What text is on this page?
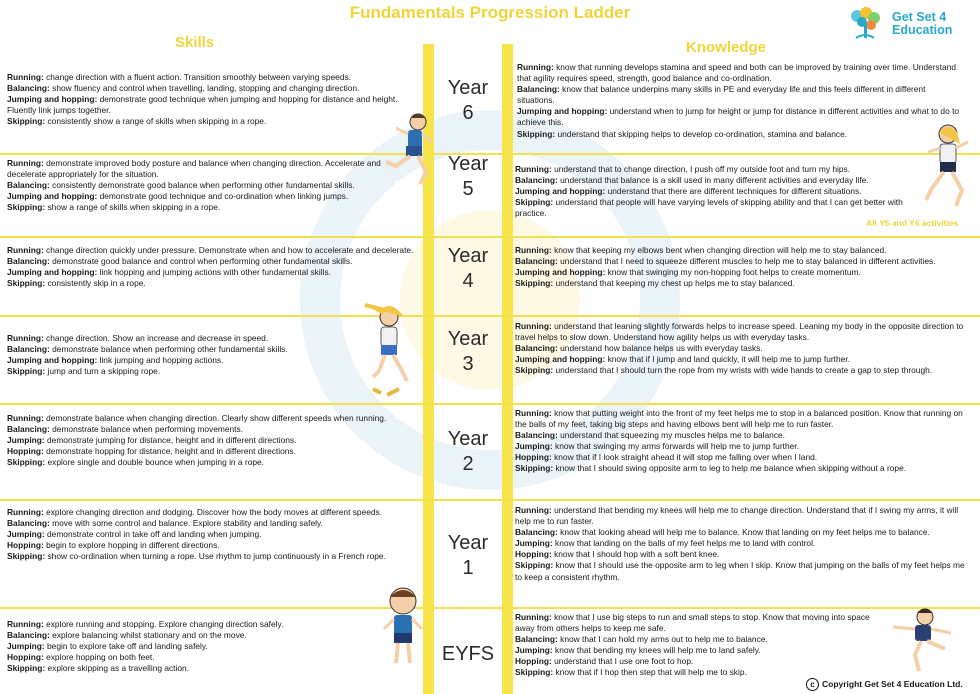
Fundamentals Progression Ladder
Skills	Knowledge
Get Set 4
Education

Running: change direction with a fluent action. Transition smoothly between varying speeds.

Balancing: show fluency and control when travelling, landing, stopping and changing direction.

Jumping and hopping: demonstrate good technique when jumping and hopping for distance and height. Fluently link jumps together.

Skipping: consistently show a range of skills when skipping in a rope.

Year
6

Running: know that running develops stamina and speed and both can be improved by training over time. Understand that agility requires speed, strength, good balance and co-ordination.

Balancing: know that balance underpins many skills in PE and everyday life and this feels different in different situations.

Jumping and hopping: understand when to jump for height or jump for distance in different activities and what to do to achieve this.

Skipping: understand that skipping helps to develop co-ordination, stamina and balance.

Running: demonstrate improved body posture and balance when changing direction. Accelerate and decelerate appropriately for the situation.

Balancing: consistently demonstrate good balance when performing other fundamental skills.

Jumping and hopping: demonstrate good technique and co-ordination when linking jumps.

Skipping: show a range of skills when skipping in a rope.

Year
5

Running: understand that to change direction, I push off my outside foot and turn my hips.

Balancing: understand that balance is a skill used in many different activities and everyday life.

Jumping and hopping: understand that there are different techniques for different situations.

Skipping: understand that people will have varying levels of skipping ability and that I can get better with practice.

All Y5 and Y6 activities

Running: change direction quickly under pressure. Demonstrate when and how to accelerate and decelerate.

Balancing: demonstrate good balance and control when performing other fundamental skills.

Jumping and hopping: link hopping and jumping actions with other fundamental skills.

Skipping: consistently skip in a rope.

Year
4

Running: know that keeping my elbows bent when changing direction will help me to stay balanced.

Balancing: understand that I need to squeeze different muscles to help me to stay balanced in different activities.

Jumping and hopping: know that swinging my non-hopping foot helps to create momentum.

Skipping: understand that keeping my chest up helps me to stay balanced.

Running: change direction. Show an increase and decrease in speed.

Balancing: demonstrate balance when performing other fundamental skills.

Jumping and hopping: link jumping and hopping actions.

Skipping: jump and turn a skipping rope.

Year
3

Running: understand that leaning slightly forwards helps to increase speed. Leaning my body in the opposite direction to travel helps to slow down. Understand how agility helps us with everyday tasks.

Balancing: understand how balance helps us with everyday tasks.

Jumping and hopping: know that if I jump and land quickly, it will help me to jump further.

Skipping: understand that I should turn the rope from my wrists with wide hands to create a gap to step through.

Running: demonstrate balance when changing direction. Clearly show different speeds when running.

Balancing: demonstrate balance when performing movements.

Jumping: demonstrate jumping for distance, height and in different directions.

Hopping: demonstrate hopping for distance, height and in different directions.

Skipping: explore single and double bounce when jumping in a rope.

Year
2

Running: know that putting weight into the front of my feet helps me to stop in a balanced position. Know that running on the balls of my feet, taking big steps and having elbows bent will help me to run faster.

Balancing: understand that squeezing my muscles helps me to balance.

Jumping: know that swinging my arms forwards will help me to jump further.

Hopping: know that if I look straight ahead it will stop me falling over when I land.

Skipping: know that I should swing opposite arm to leg to help me balance when skipping without a rope.

Running: explore changing direction and dodging. Discover how the body moves at different speeds.

Balancing: move with some control and balance. Explore stability and landing safely.

Jumping: demonstrate control in take off and landing when jumping.

Hopping: begin to explore hopping in different directions.

Skipping: show co-ordination when turning a rope. Use rhythm to jump continuously in a French rope.

Year
1

Running: understand that bending my knees will help me to change direction. Understand that if I swing my arms, it will help me to run faster.

Balancing: know that looking ahead will help me to balance. Know that landing on my feet helps me to balance.

Jumping: know that landing on the balls of my feet helps me to land with control.

Hopping: know that I should hop with a soft bent knee.

Skipping: know that I should use the opposite arm to leg when I skip. Know that jumping on the balls of my feet helps me to keep a consistent rhythm.

Running: explore running and stopping. Explore changing direction safely.

Balancing: explore balancing whilst stationary and on the move.

Jumping: begin to explore take off and landing safely.

Hopping: explore hopping on both feet.

Skipping: explore skipping as a travelling action.

EYFS

Running: know that I use big steps to run and small steps to stop. Know that moving into space away from others helps to keep me safe.

Balancing: know that I can hold my arms out to help me to balance.

Jumping: know that bending my knees will help me to land safely.

Hopping: understand that I use one foot to hop.

Skipping: know that if I hop then step that will help me to skip.

c Copyright Get Set 4 Education Ltd.
